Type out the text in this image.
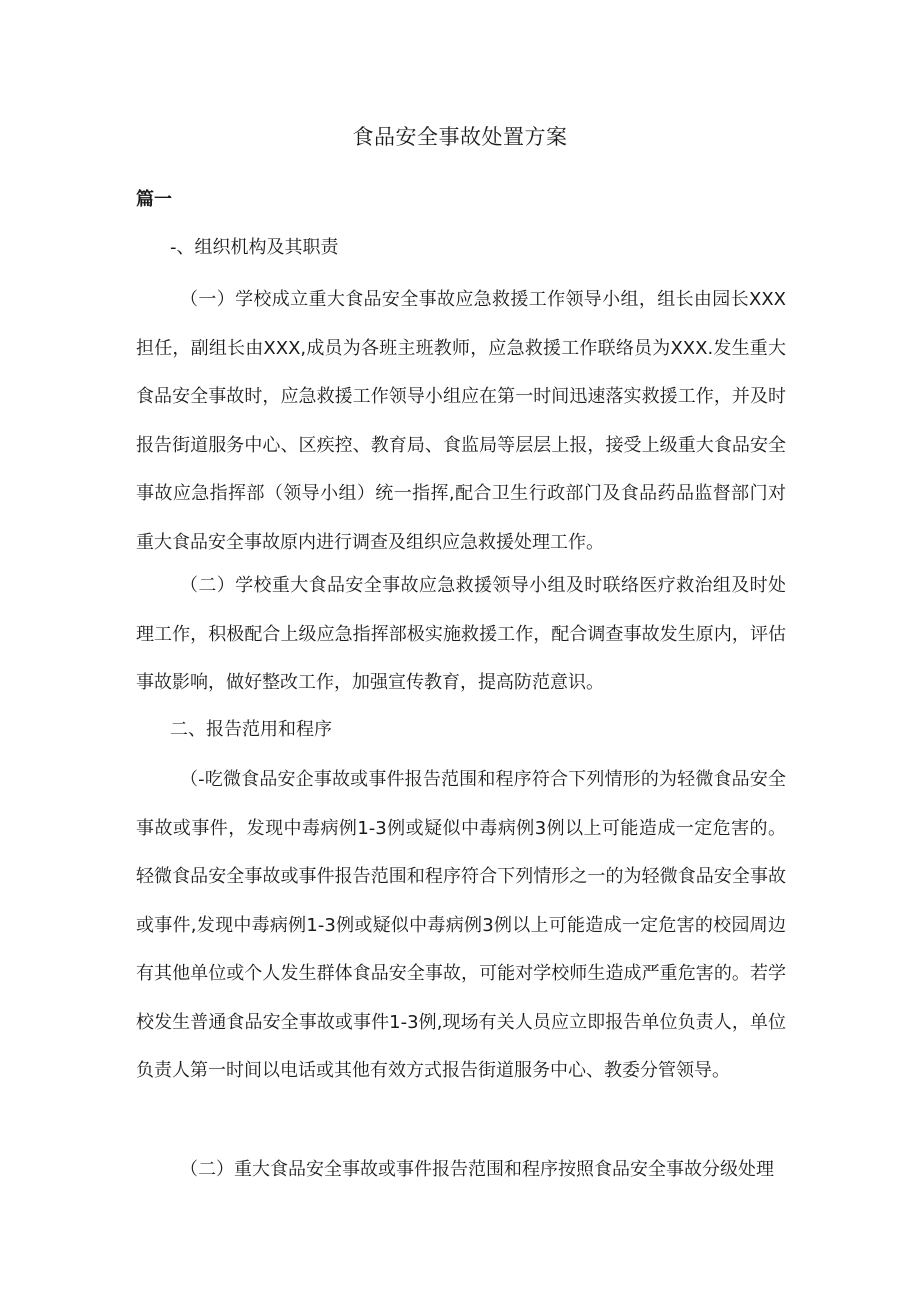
食品安全事故处置方案
篇一
-、组织机构及其职责

（一）学校成立重大食品安全事故应急救援工作领导小组，组长由园长XXX担任，副组长由XXX,成员为各班主班教师，应急救援工作联络员为XXX.发生重大食品安全事故时，应急救援工作领导小组应在第一时间迅速落实救援工作，并及时报告街道服务中心、区疾控、教育局、食监局等层层上报，接受上级重大食品安全事故应急指挥部（领导小组）统一指挥,配合卫生行政部门及食品药品监督部门对重大食品安全事故原内进行调查及组织应急救援处理工作。

（二）学校重大食品安全事故应急救援领导小组及时联络医疗救治组及时处理工作，积极配合上级应急指挥部极实施救援工作，配合调查事故发生原内，评估事故影响，做好整改工作，加强宣传教育，提高防范意识。

二、报告范用和程序

（-吃微食品安企事故或事件报告范围和程序符合下列情形的为轻微食品安全事故或事件，发现中毒病例1-3例或疑似中毒病例3例以上可能造成一定危害的。轻微食品安全事故或事件报告范围和程序符合下列情形之一的为轻微食品安全事故或事件,发现中毒病例1-3例或疑似中毒病例3例以上可能造成一定危害的校园周边有其他单位或个人发生群体食品安全事故，可能对学校师生造成严重危害的。若学校发生普通食品安全事故或事件1-3例,现场有关人员应立即报告单位负责人，单位负责人第一时间以电话或其他有效方式报告街道服务中心、教委分管领导。

（二）重大食品安全事故或事件报告范围和程序按照食品安全事故分级处理
